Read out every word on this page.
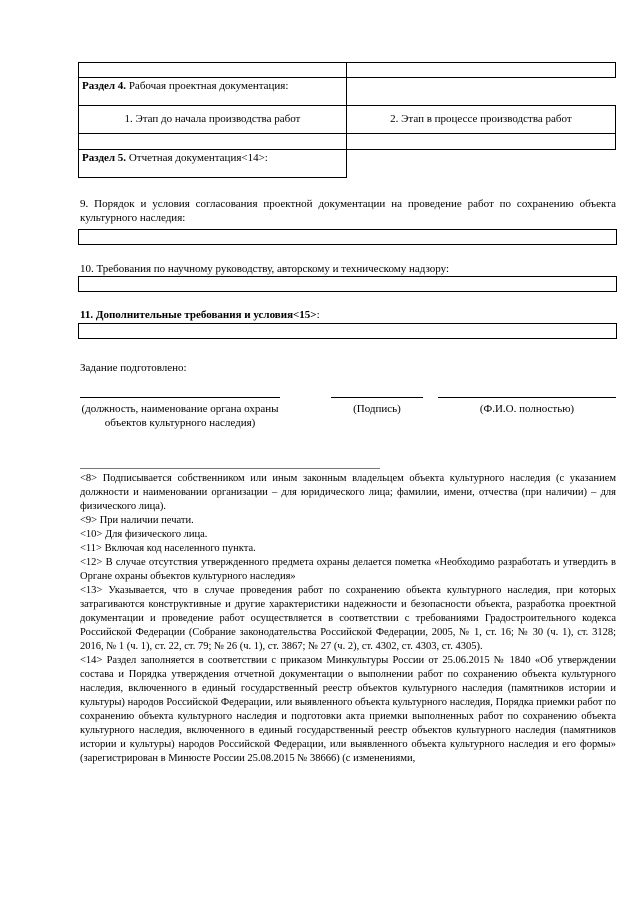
Раздел 4. Рабочая проектная документация:	
1. Этап до начала производства работ	2. Этап в процессе производства работ

Раздел 5. Отчетная документация<14>:	
9. Порядок и условия согласования проектной документации на проведение работ по сохранению объекта культурного наследия:
10. Требования по научному руководству, авторскому и техническому надзору:
11. Дополнительные требования и условия<15>:
Задание подготовлено:
(должность, наименование органа охраны объектов культурного наследия)
(Подпись)	(Ф.И.О. полностью)

<8> Подписывается собственником или иным законным владельцем объекта культурного наследия (с указанием должности и наименовании организации – для юридического лица; фамилии, имени, отчества (при наличии) – для физического лица).

<9> При наличии печати.

<10> Для физического лица.

<11> Включая код населенного пункта.

<12> В случае отсутствия утвержденного предмета охраны делается пометка «Необходимо разработать и утвердить в Органе охраны объектов культурного наследия»

<13> Указывается, что в случае проведения работ по сохранению объекта культурного наследия, при которых затрагиваются конструктивные и другие характеристики надежности и безопасности объекта, разработка проектной документации и проведение работ осуществляется в соответствии с требованиями Градостроительного кодекса Российской Федерации (Собрание законодательства Российской Федерации, 2005, № 1, ст. 16; № 30 (ч. 1), ст. 3128; 2016, № 1 (ч. 1), ст. 22, ст. 79; № 26 (ч. 1), ст. 3867; № 27 (ч. 2), ст. 4302, ст. 4303, ст. 4305).

<14> Раздел заполняется в соответствии с приказом Минкультуры России от 25.06.2015 № 1840 «Об утверждении состава и Порядка утверждения отчетной документации о выполнении работ по сохранению объекта культурного наследия, включенного в единый государственный реестр объектов культурного наследия (памятников истории и культуры) народов Российской Федерации, или выявленного объекта культурного наследия, Порядка приемки работ по сохранению объекта культурного наследия и подготовки акта приемки выполненных работ по сохранению объекта культурного наследия, включенного в единый государственный реестр объектов культурного наследия (памятников истории и культуры) народов Российской Федерации, или выявленного объекта культурного наследия и его формы» (зарегистрирован в Минюсте России 25.08.2015 № 38666) (с изменениями,
